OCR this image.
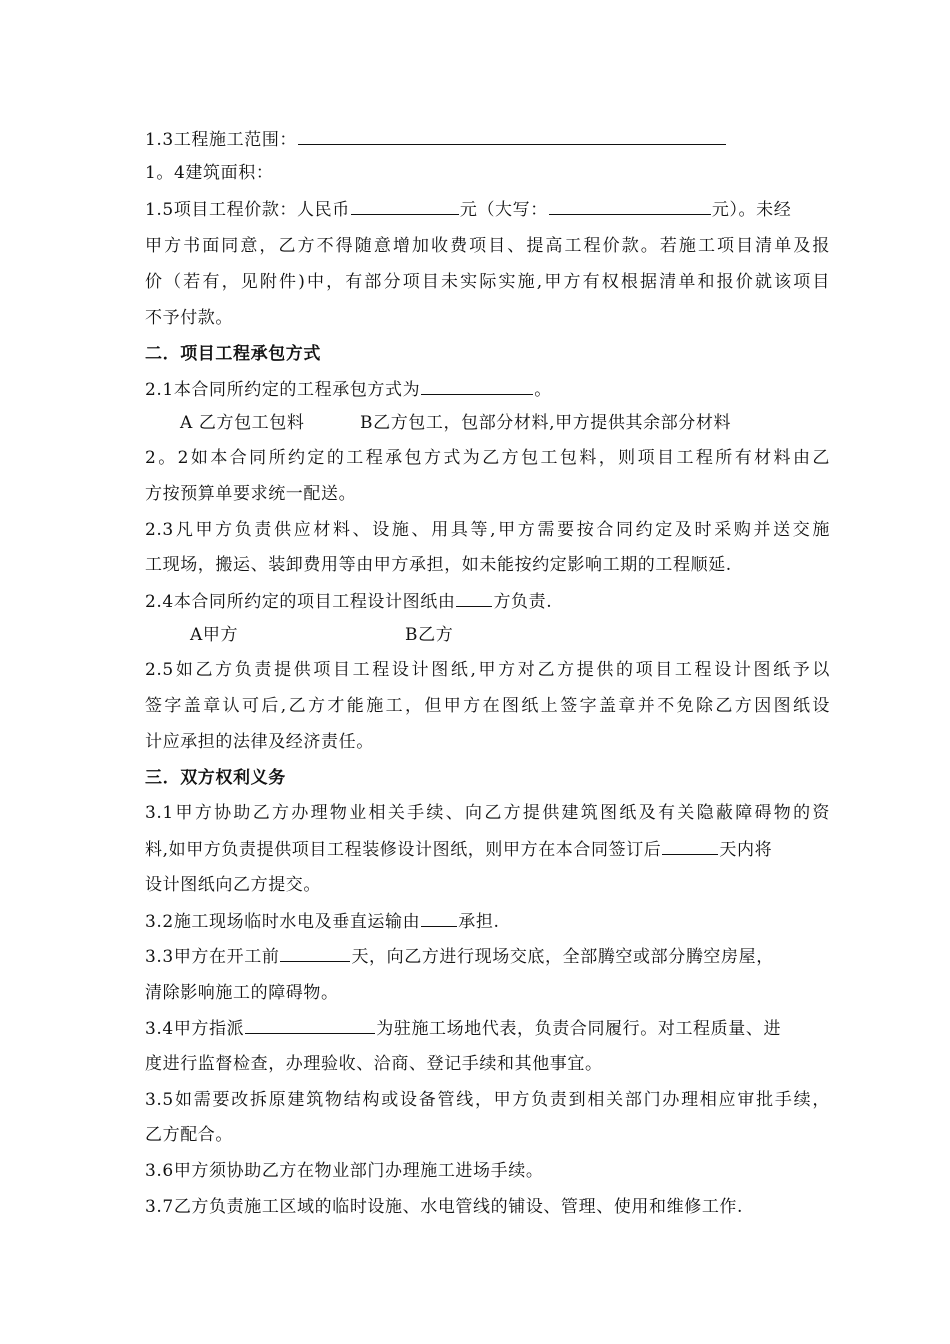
1.3工程施工范围：
1。4建筑面积：
1.5项目工程价款：人民币	元（大写：	元）。未经
甲方书面同意，乙方不得随意增加收费项目、提高工程价款。若施工项目清单及报
价（若有，见附件)中，有部分项目未实际实施,甲方有权根据清单和报价就该项目
不予付款。
二．项目工程承包方式
2.1本合同所约定的工程承包方式为	。
A 乙方包工包料	B乙方包工，包部分材料,甲方提供其余部分材料
2。2如本合同所约定的工程承包方式为乙方包工包料，则项目工程所有材料由乙
方按预算单要求统一配送。
2.3凡甲方负责供应材料、设施、用具等,甲方需要按合同约定及时采购并送交施
工现场，搬运、装卸费用等由甲方承担，如未能按约定影响工期的工程顺延.
2.4本合同所约定的项目工程设计图纸由 方负责.
A甲方	B乙方
2.5如乙方负责提供项目工程设计图纸,甲方对乙方提供的项目工程设计图纸予以
签字盖章认可后,乙方才能施工，但甲方在图纸上签字盖章并不免除乙方因图纸设
计应承担的法律及经济责任。
三．双方权利义务
3.1甲方协助乙方办理物业相关手续、向乙方提供建筑图纸及有关隐蔽障碍物的资
料,如甲方负责提供项目工程装修设计图纸，则甲方在本合同签订后	天内将
设计图纸向乙方提交。
3.2施工现场临时水电及垂直运输由 承担.
3.3甲方在开工前	天，向乙方进行现场交底，全部腾空或部分腾空房屋，
清除影响施工的障碍物。
3.4甲方指派	为驻施工场地代表，负责合同履行。对工程质量、进
度进行监督检查，办理验收、洽商、登记手续和其他事宜。
3.5如需要改拆原建筑物结构或设备管线，甲方负责到相关部门办理相应审批手续，
乙方配合。
3.6甲方须协助乙方在物业部门办理施工进场手续。
3.7乙方负责施工区域的临时设施、水电管线的铺设、管理、使用和维修工作.
